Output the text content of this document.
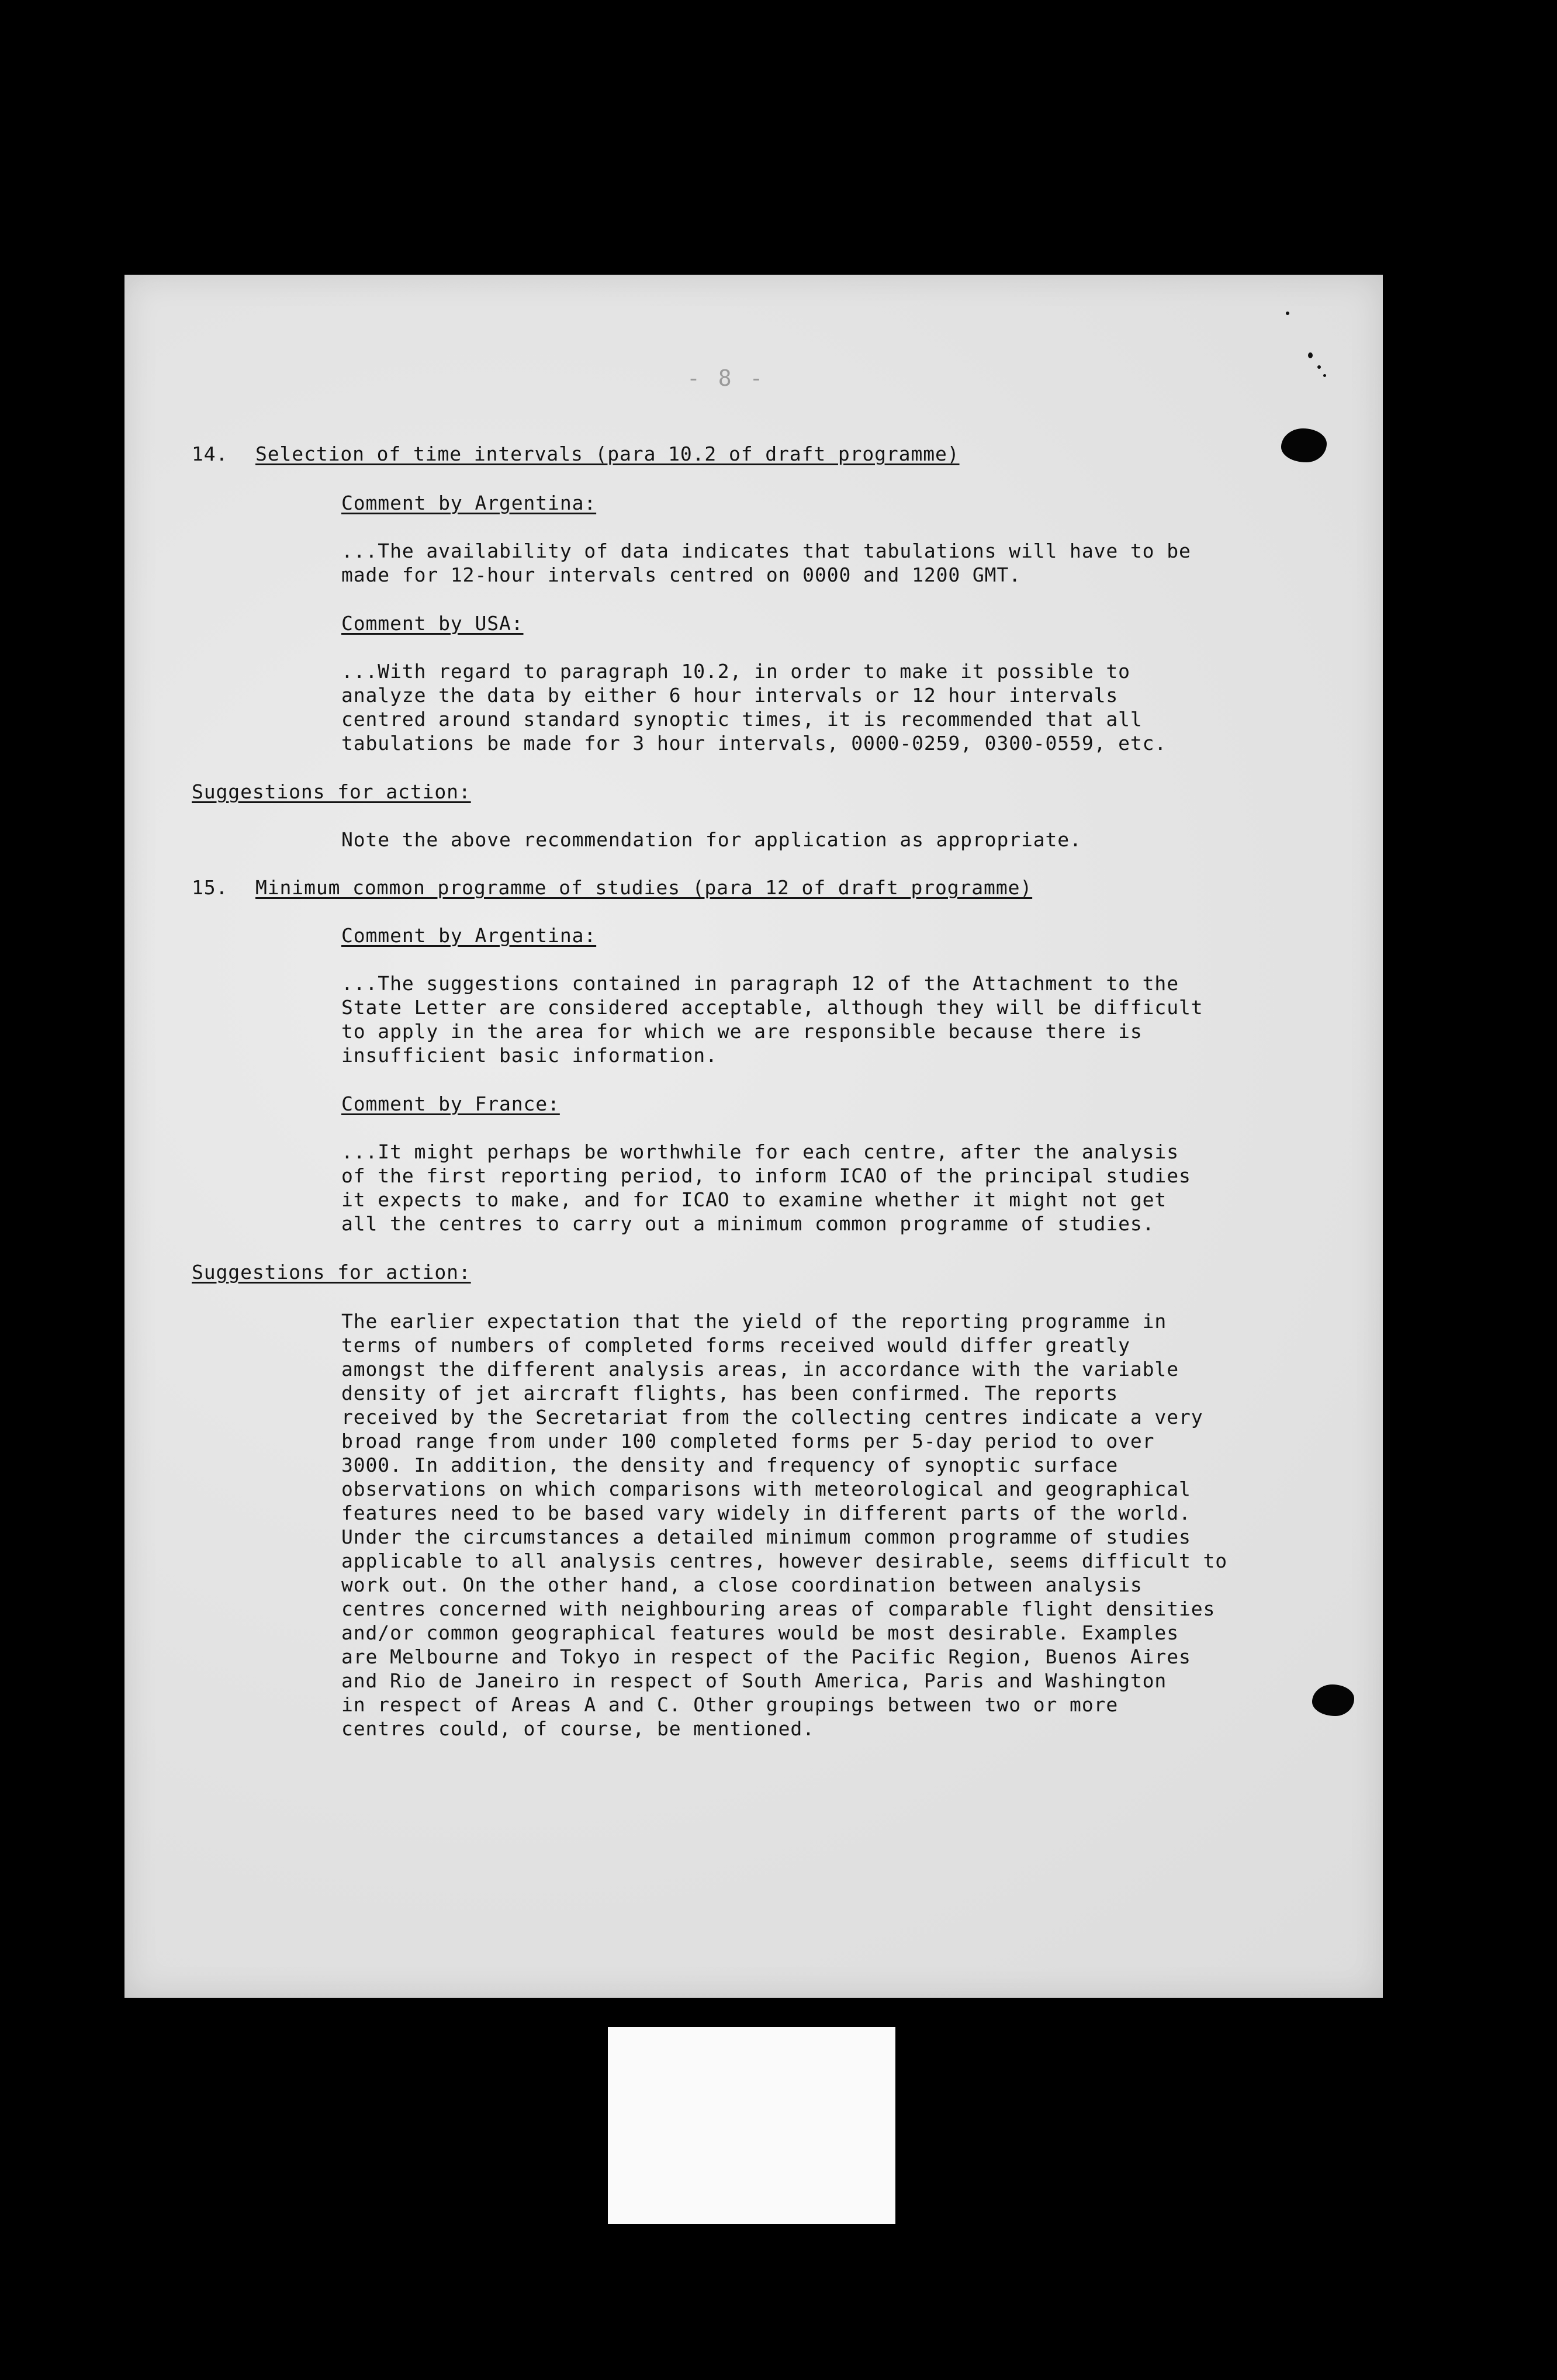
- 8 -
14. Selection of time intervals (para 10.2 of draft programme)
Comment by Argentina:

...The availability of data indicates that tabulations will have to be
made for 12-hour intervals centred on 0000 and 1200 GMT.

Comment by USA:

...With regard to paragraph 10.2, in order to make it possible to
analyze the data by either 6 hour intervals or 12 hour intervals
centred around standard synoptic times, it is recommended that all
tabulations be made for 3 hour intervals, 0000-0259, 0300-0559, etc.

Suggestions for action:

Note the above recommendation for application as appropriate.

15. Minimum common programme of studies (para 12 of draft programme)
Comment by Argentina:

...The suggestions contained in paragraph 12 of the Attachment to the
State Letter are considered acceptable, although they will be difficult
to apply in the area for which we are responsible because there is
insufficient basic information.

Comment by France:

...It might perhaps be worthwhile for each centre, after the analysis
of the first reporting period, to inform ICAO of the principal studies
it expects to make, and for ICAO to examine whether it might not get
all the centres to carry out a minimum common programme of studies.

Suggestions for action:

The earlier expectation that the yield of the reporting programme in
terms of numbers of completed forms received would differ greatly
amongst the different analysis areas, in accordance with the variable
density of jet aircraft flights, has been confirmed. The reports
received by the Secretariat from the collecting centres indicate a very
broad range from under 100 completed forms per 5-day period to over
3000. In addition, the density and frequency of synoptic surface
observations on which comparisons with meteorological and geographical
features need to be based vary widely in different parts of the world.
Under the circumstances a detailed minimum common programme of studies
applicable to all analysis centres, however desirable, seems difficult to
work out. On the other hand, a close coordination between analysis
centres concerned with neighbouring areas of comparable flight densities
and/or common geographical features would be most desirable. Examples
are Melbourne and Tokyo in respect of the Pacific Region, Buenos Aires
and Rio de Janeiro in respect of South America, Paris and Washington
in respect of Areas A and C. Other groupings between two or more
centres could, of course, be mentioned.
